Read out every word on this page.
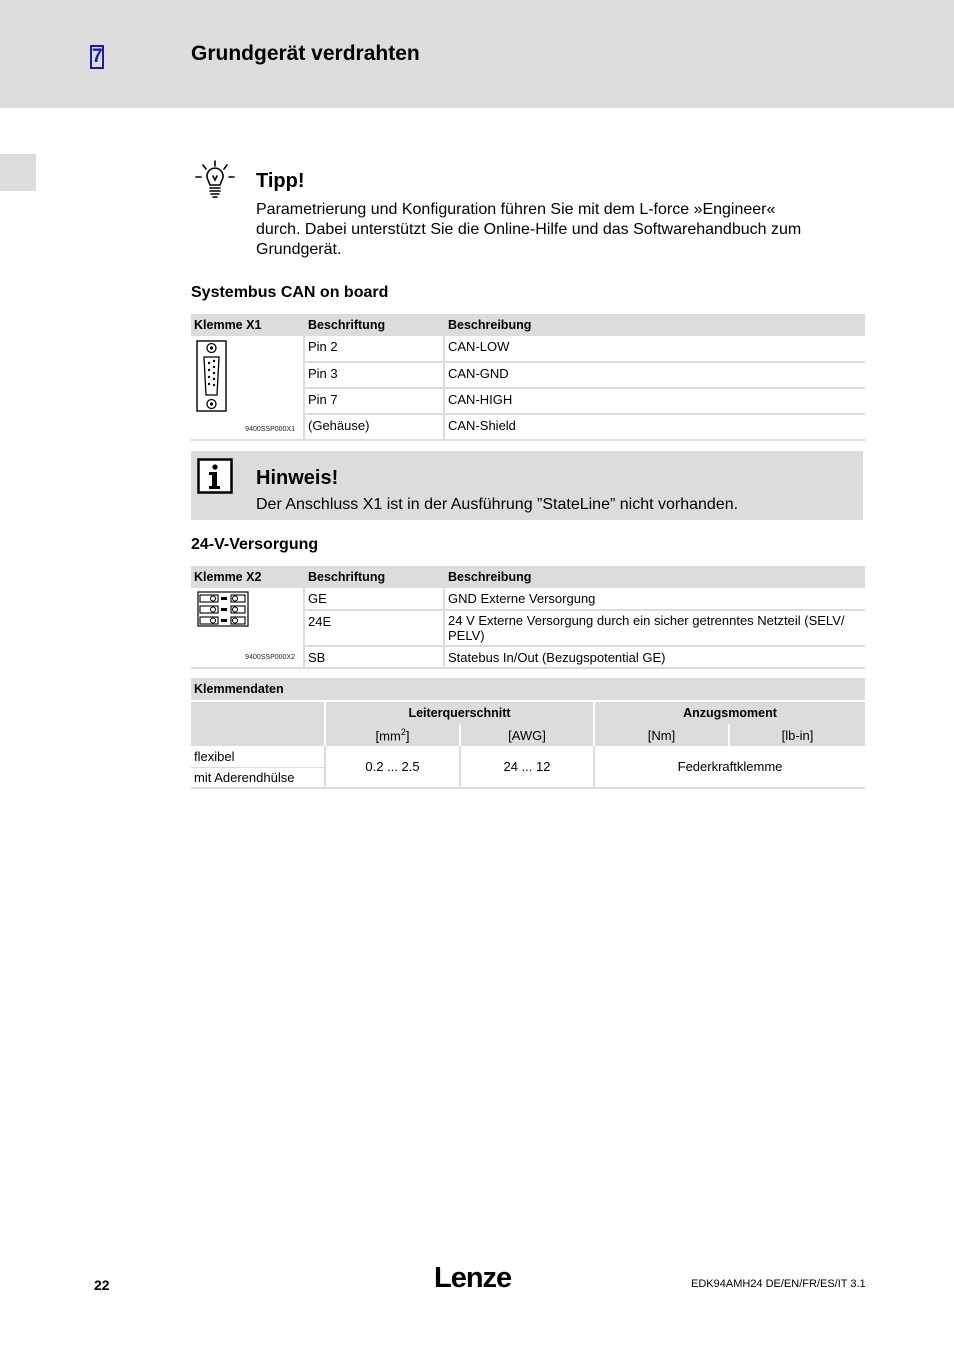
7	Grundgerät verdrahten
Tipp!
Parametrierung und Konfiguration führen Sie mit dem L-force »Engineer«
durch. Dabei unterstützt Sie die Online-Hilfe und das Softwarehandbuch zum
Grundgerät.
Systembus CAN on board
Klemme X1	Beschriftung	Beschreibung

9400SSP000X1	Pin 2	CAN-LOW
	Pin 3	CAN-GND
	Pin 7	CAN-HIGH
	(Gehäuse)	CAN-Shield
Hinweis!
Der Anschluss X1 ist in der Ausführung ”StateLine” nicht vorhanden.
24-V-Versorgung
Klemme X2	Beschriftung	Beschreibung

9400SSP000X2	GE	GND Externe Versorgung
	24E	24 V Externe Versorgung durch ein sicher getrenntes Netzteil (SELV/ PELV)
	SB	Statebus In/Out (Bezugspotential GE)
Klemmendaten				

	Leiterquerschnitt		Anzugsmoment	
	$[mm^2]$	[AWG]	[Nm]	[lb-in]
flexibel	0.2 ... 2.5	24 ... 12	Federkraftklemme	
mit Aderendhülse				
22	Lenze	EDK94AMH24 DE/EN/FR/ES/IT 3.1
